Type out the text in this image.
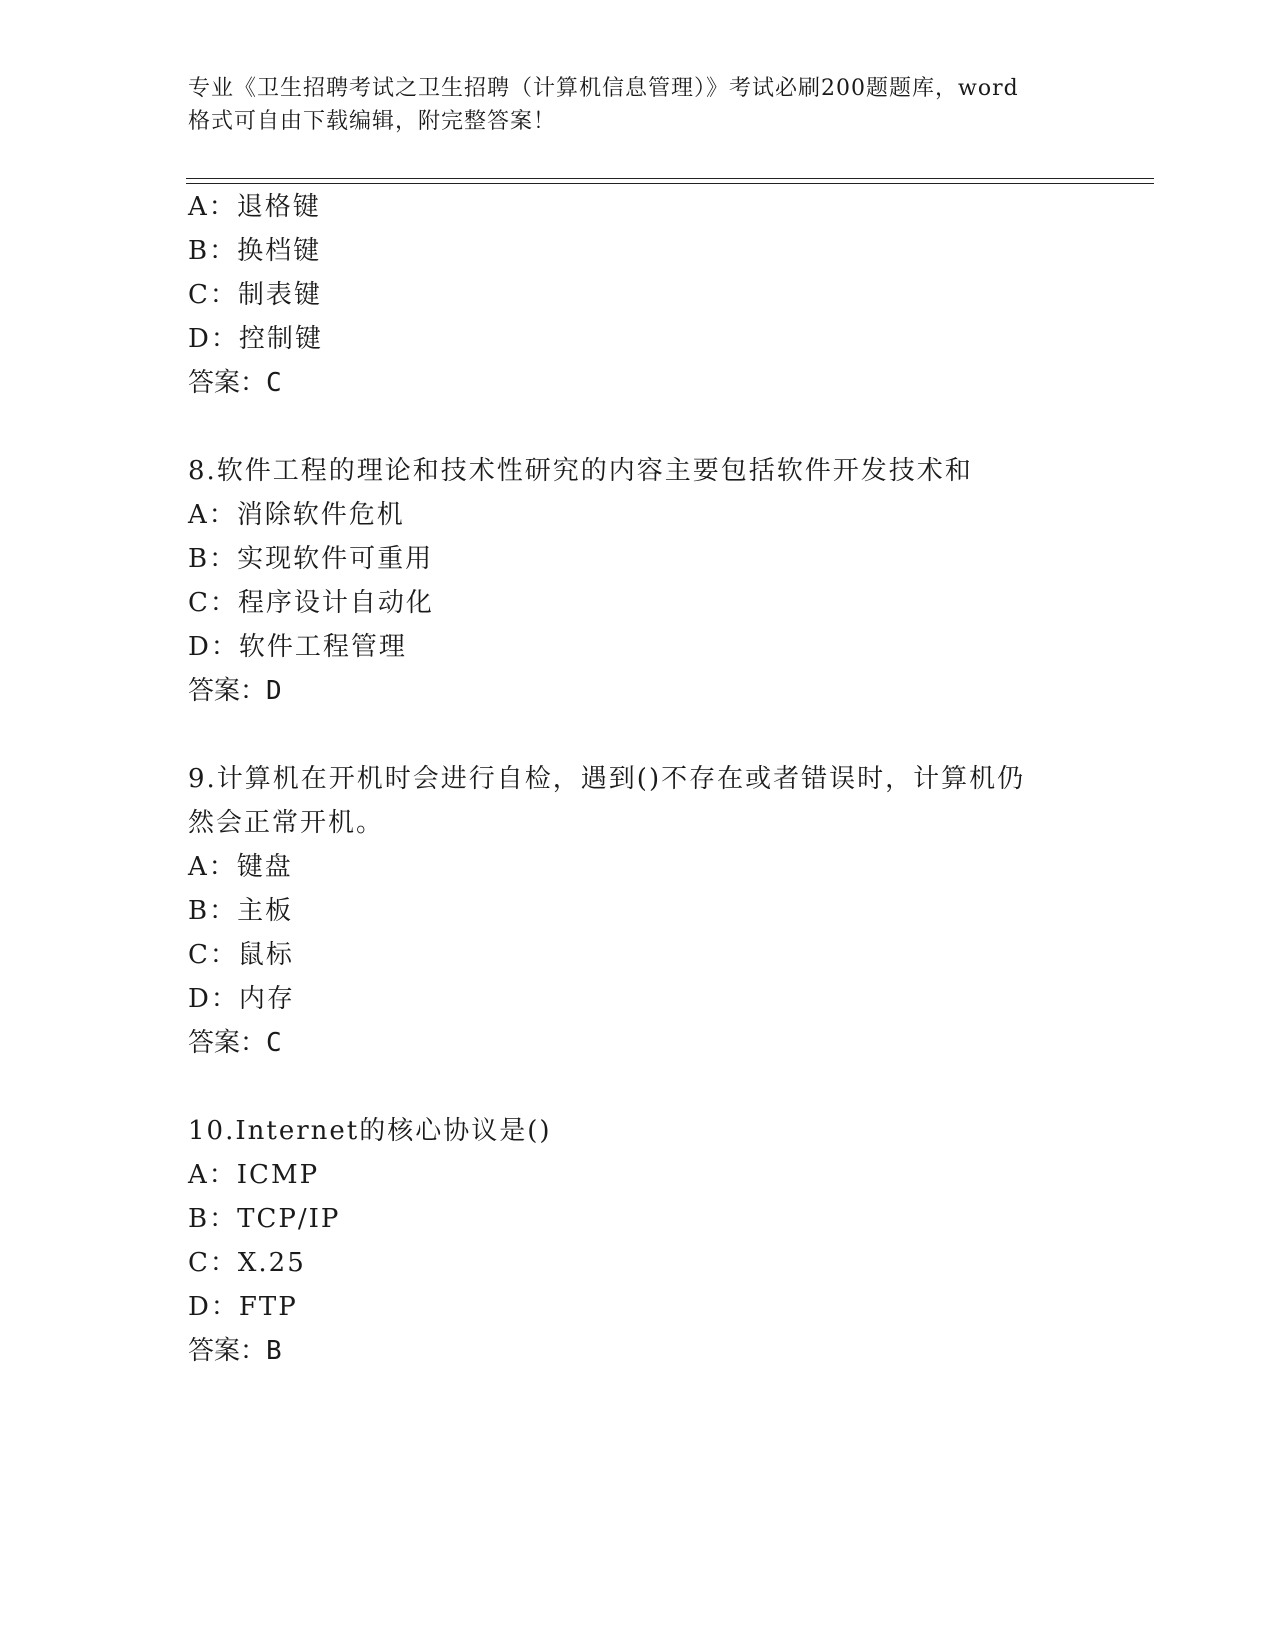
专业《卫生招聘考试之卫生招聘（计算机信息管理）》考试必刷200题题库，word

格式可自由下载编辑，附完整答案！

A：退格键
B：换档键
C：制表键
D：控制键
答案：C
8.软件工程的理论和技术性研究的内容主要包括软件开发技术和
A：消除软件危机
B：实现软件可重用
C：程序设计自动化
D：软件工程管理
答案：D
9.计算机在开机时会进行自检，遇到()不存在或者错误时，计算机仍
然会正常开机。
A：键盘
B：主板
C：鼠标
D：内存
答案：C
10.Internet的核心协议是()
A：ICMP
B：TCP/IP
C：X.25
D：FTP
答案：B
